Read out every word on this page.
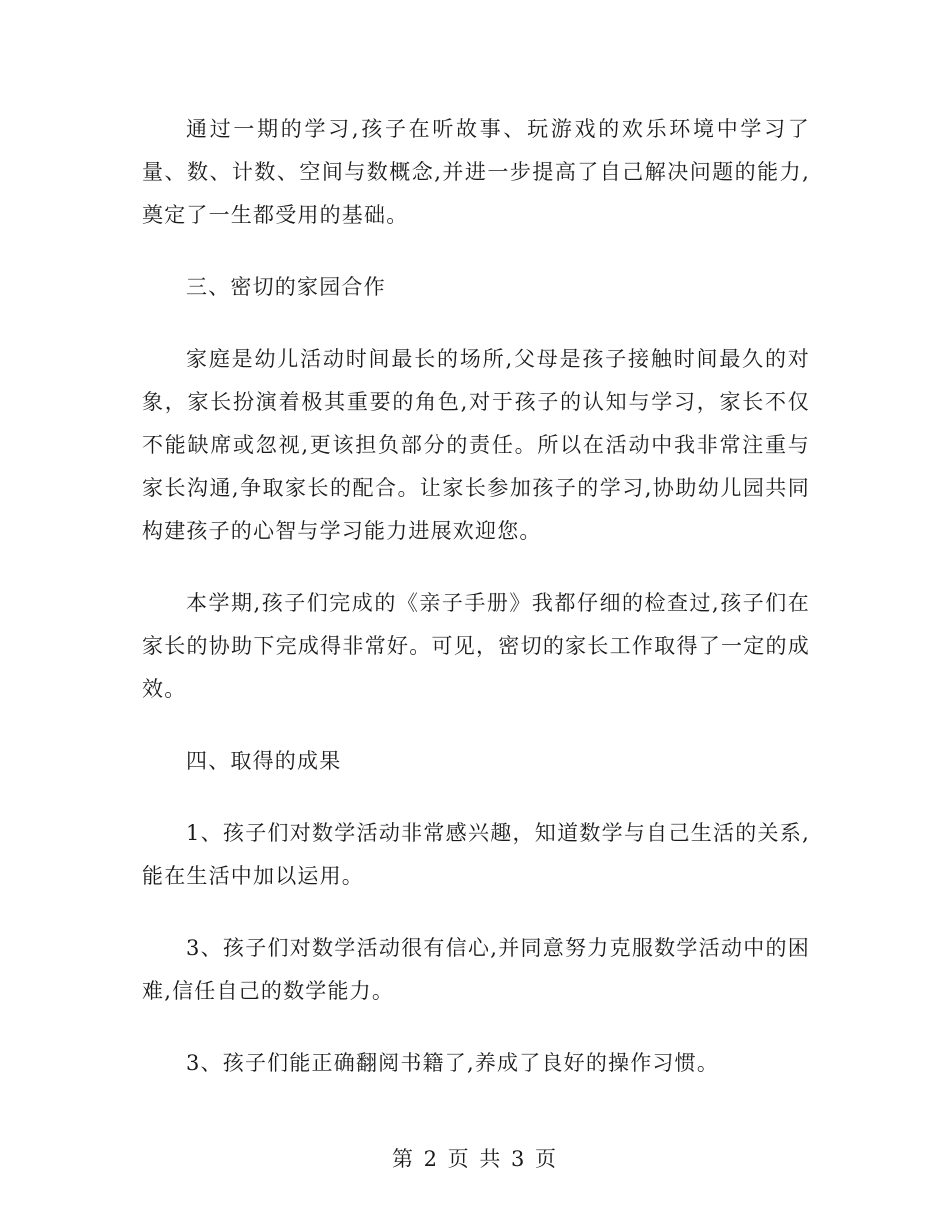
通过一期的学习,孩子在听故事、玩游戏的欢乐环境中学习了量、数、计数、空间与数概念,并进一步提高了自己解决问题的能力,奠定了一生都受用的基础。

三、密切的家园合作

家庭是幼儿活动时间最长的场所,父母是孩子接触时间最久的对象，家长扮演着极其重要的角色,对于孩子的认知与学习，家长不仅不能缺席或忽视,更该担负部分的责任。所以在活动中我非常注重与家长沟通,争取家长的配合。让家长参加孩子的学习,协助幼儿园共同构建孩子的心智与学习能力进展欢迎您。

本学期,孩子们完成的《亲子手册》我都仔细的检查过,孩子们在家长的协助下完成得非常好。可见，密切的家长工作取得了一定的成效。

四、取得的成果

1、孩子们对数学活动非常感兴趣，知道数学与自己生活的关系,能在生活中加以运用。

3、孩子们对数学活动很有信心,并同意努力克服数学活动中的困难,信任自己的数学能力。

3、孩子们能正确翻阅书籍了,养成了良好的操作习惯。

第 2 页 共 3 页
